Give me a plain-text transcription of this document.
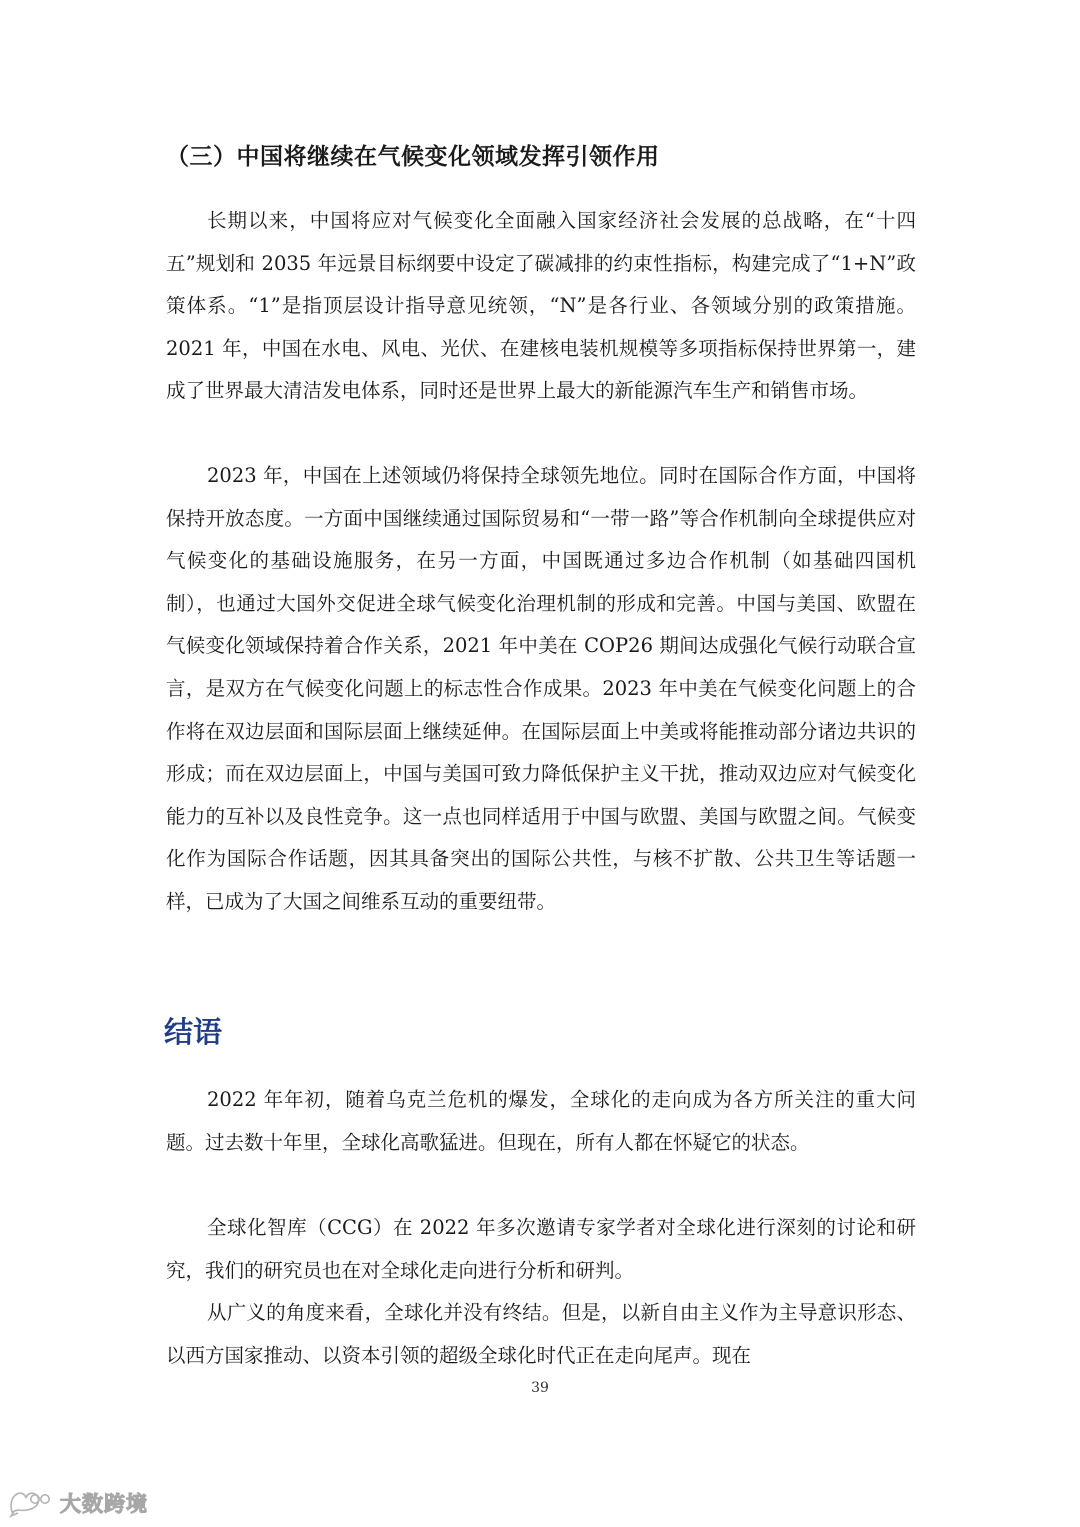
（三）中国将继续在气候变化领域发挥引领作用

长期以来，中国将应对气候变化全面融入国家经济社会发展的总战略，在“十四五”规划和 2035 年远景目标纲要中设定了碳减排的约束性指标，构建完成了“1+N”政策体系。“1”是指顶层设计指导意见统领，“N”是各行业、各领域分别的政策措施。2021 年，中国在水电、风电、光伏、在建核电装机规模等多项指标保持世界第一，建成了世界最大清洁发电体系，同时还是世界上最大的新能源汽车生产和销售市场。

2023 年，中国在上述领域仍将保持全球领先地位。同时在国际合作方面，中国将保持开放态度。一方面中国继续通过国际贸易和“一带一路”等合作机制向全球提供应对气候变化的基础设施服务，在另一方面，中国既通过多边合作机制（如基础四国机制），也通过大国外交促进全球气候变化治理机制的形成和完善。中国与美国、欧盟在气候变化领域保持着合作关系，2021 年中美在 COP26 期间达成强化气候行动联合宣言，是双方在气候变化问题上的标志性合作成果。2023 年中美在气候变化问题上的合作将在双边层面和国际层面上继续延伸。在国际层面上中美或将能推动部分诸边共识的形成；而在双边层面上，中国与美国可致力降低保护主义干扰，推动双边应对气候变化能力的互补以及良性竞争。这一点也同样适用于中国与欧盟、美国与欧盟之间。气候变化作为国际合作话题，因其具备突出的国际公共性，与核不扩散、公共卫生等话题一样，已成为了大国之间维系互动的重要纽带。

结语

2022 年年初，随着乌克兰危机的爆发，全球化的走向成为各方所关注的重大问题。过去数十年里，全球化高歌猛进。但现在，所有人都在怀疑它的状态。

全球化智库（CCG）在 2022 年多次邀请专家学者对全球化进行深刻的讨论和研究，我们的研究员也在对全球化走向进行分析和研判。

从广义的角度来看，全球化并没有终结。但是，以新自由主义作为主导意识形态、以西方国家推动、以资本引领的超级全球化时代正在走向尾声。现在

39
大数跨境
